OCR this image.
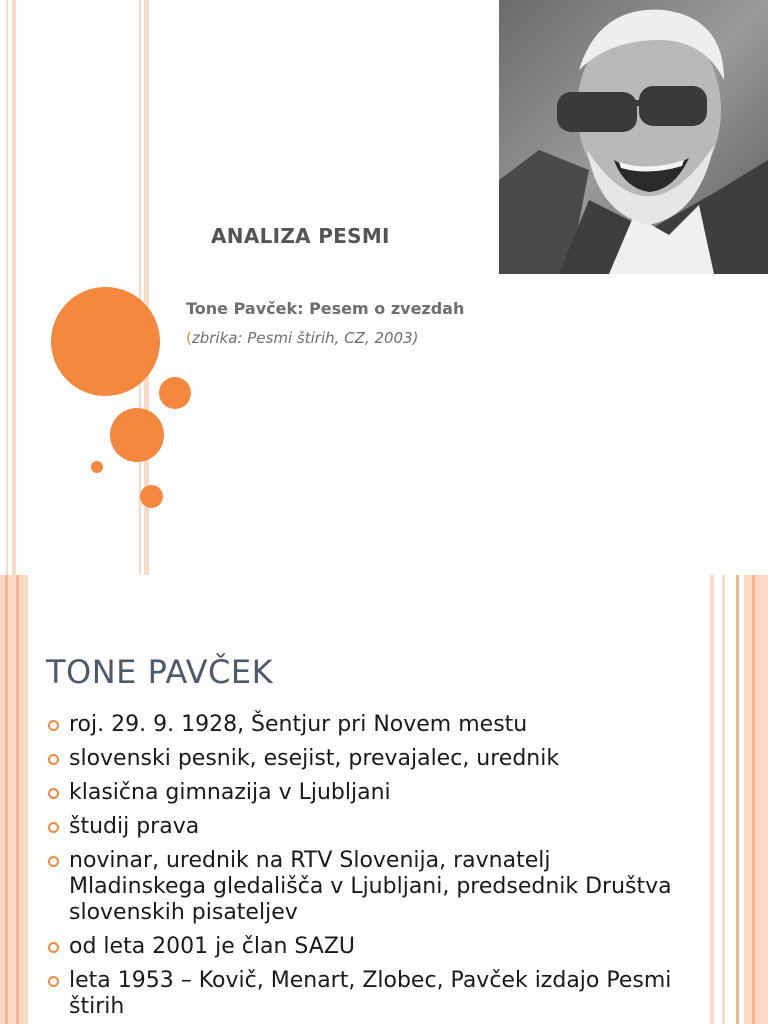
ANALIZA PESMI
Tone Pavček: Pesem o zvezdah
(zbrika: Pesmi štirih, CZ, 2003)
TONE PAVČEK
roj. 29. 9. 1928, Šentjur pri Novem mestu
slovenski pesnik, esejist, prevajalec, urednik
klasična gimnazija v Ljubljani
študij prava
novinar, urednik na RTV Slovenija, ravnatelj Mladinskega gledališča v Ljubljani, predsednik Društva slovenskih pisateljev
od leta 2001 je član SAZU
leta 1953 – Kovič, Menart, Zlobec, Pavček izdajo Pesmi štirih
